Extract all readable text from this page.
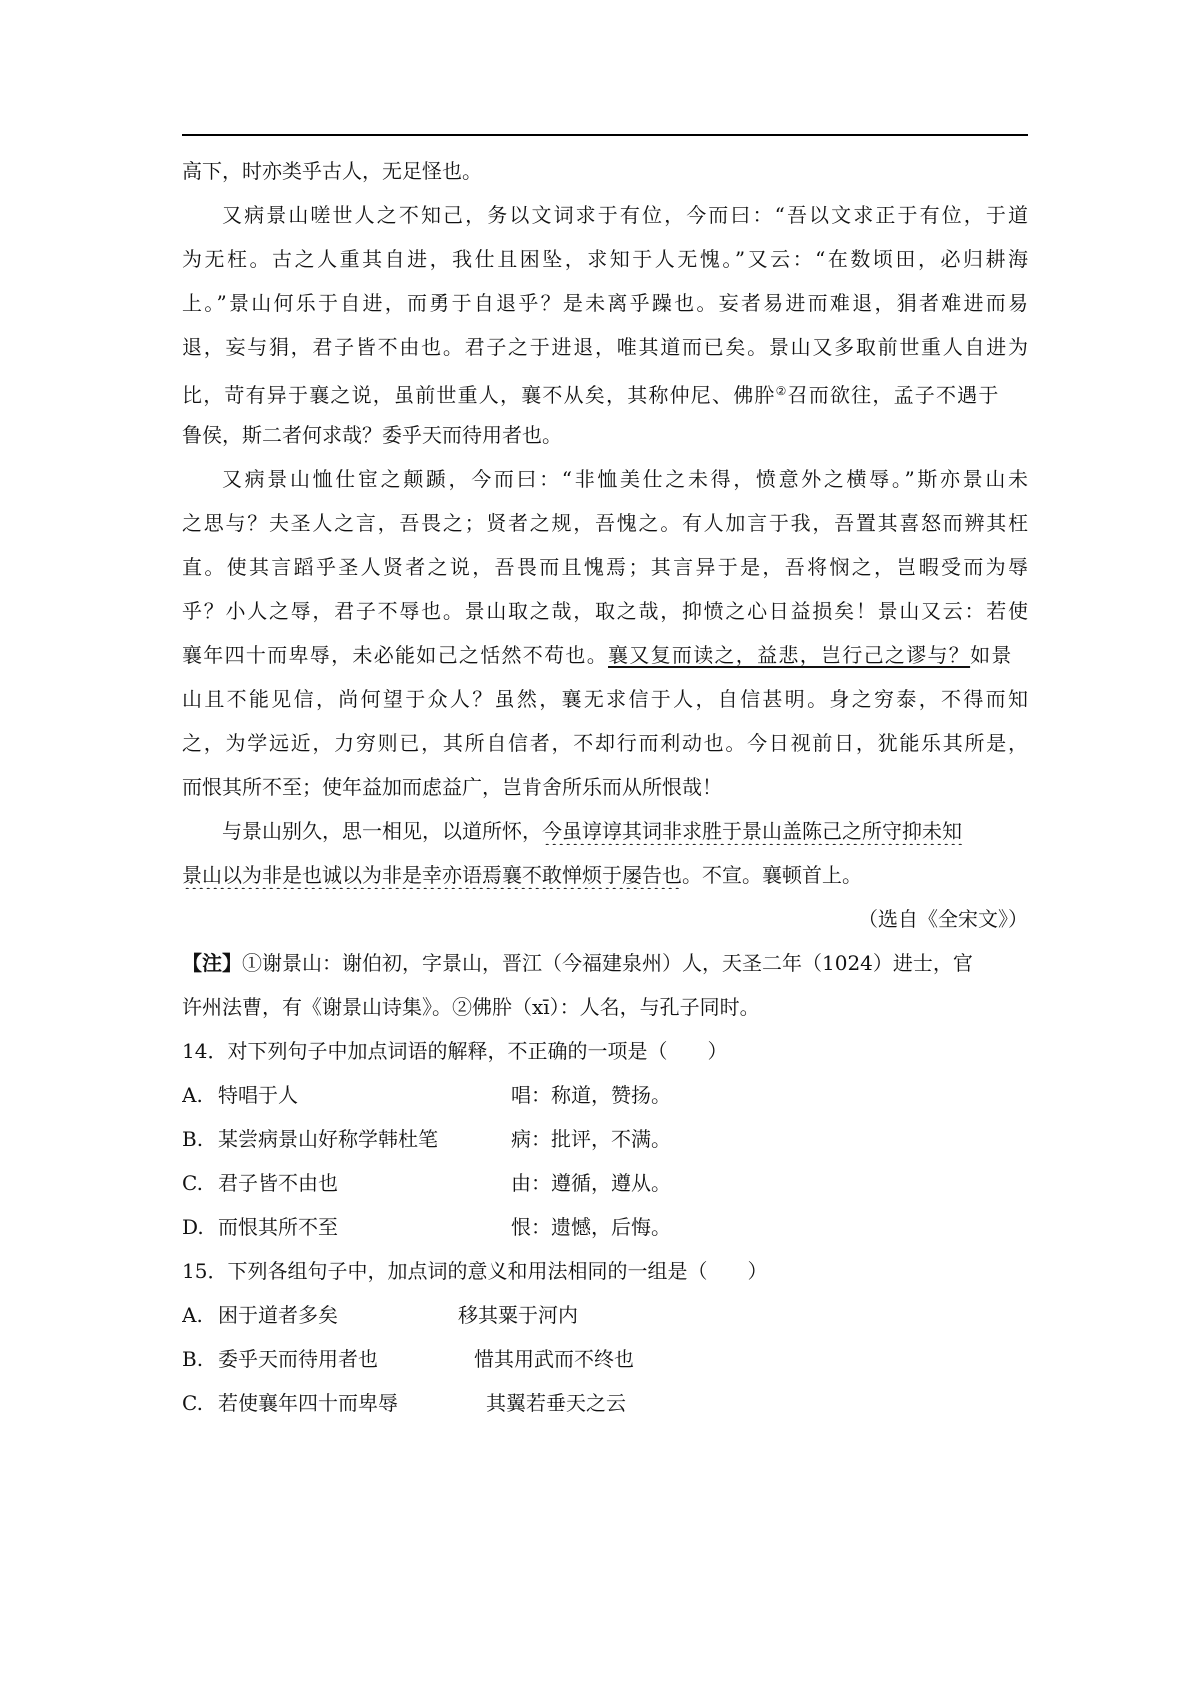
高下，时亦类乎古人，无足怪也。
又病景山嗟世人之不知己，务以文词求于有位，今而曰：“吾以文求正于有位，于道
为无枉。古之人重其自进，我仕且困坠，求知于人无愧。”又云：“在数顷田，必归耕海
上。”景山何乐于自进，而勇于自退乎？是未离乎躁也。妄者易进而难退，狷者难进而易
退，妄与狷，君子皆不由也。君子之于进退，唯其道而已矣。景山又多取前世重人自进为
比，苛有异于襄之说，虽前世重人，襄不从矣，其称仲尼、佛肸②召而欲往，孟子不遇于
鲁侯，斯二者何求哉？委乎天而待用者也。
又病景山恤仕宦之颠踬，今而曰：“非恤美仕之未得，愤意外之横辱。”斯亦景山未
之思与？夫圣人之言，吾畏之；贤者之规，吾愧之。有人加言于我，吾置其喜怒而辨其枉
直。使其言蹈乎圣人贤者之说，吾畏而且愧焉；其言异于是，吾将悯之，岂暇受而为辱
乎？小人之辱，君子不辱也。景山取之哉，取之哉，抑愤之心日益损矣！景山又云：若使
襄年四十而卑辱，未必能如己之恬然不苟也。襄又复而读之，益悲，岂行己之谬与？如景
山且不能见信，尚何望于众人？虽然，襄无求信于人，自信甚明。身之穷泰，不得而知
之，为学远近，力穷则已，其所自信者，不却行而利动也。今日视前日，犹能乐其所是，
而恨其所不至；使年益加而虑益广，岂肯舍所乐而从所恨哉！
与景山别久，思一相见，以道所怀，今虽谆谆其词非求胜于景山盖陈己之所守抑未知
景山以为非是也诚以为非是幸亦语焉襄不敢惮烦于屡告也。不宣。襄顿首上。
（选自《全宋文》）
【注】①谢景山：谢伯初，字景山，晋江（今福建泉州）人，天圣二年（1024）进士，官
许州法曹，有《谢景山诗集》。②佛肸（xī）：人名，与孔子同时。
14．对下列句子中加点词语的解释，不正确的一项是（　　）
A. 特唱于人	唱：称道，赞扬。
B. 某尝病景山好称学韩杜笔	病：批评，不满。
C. 君子皆不由也	由：遵循，遵从。
D. 而恨其所不至	恨：遗憾，后悔。
15．下列各组句子中，加点词的意义和用法相同的一组是（　　）
A. 困于道者多矣	移其粟于河内
B. 委乎天而待用者也	惜其用武而不终也
C. 若使襄年四十而卑辱	其翼若垂天之云
